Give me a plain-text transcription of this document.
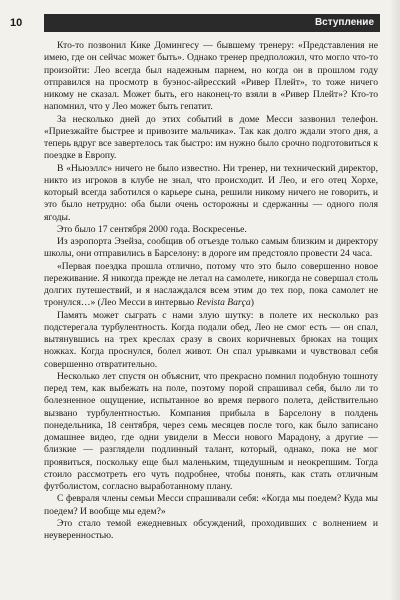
10	Вступление

Кто-то позвонил Кике Домингесу — бывшему тренеру: «Представления не имею, где он сейчас может быть». Однако тренер предположил, что могло что-то произойти: Лео всегда был надежным парнем, но когда он в прошлом году отправился на просмотр в буэнос-айресский «Ривер Плейт», то тоже ничего никому не сказал. Может быть, его наконец-то взяли в «Ривер Плейт»? Кто-то напомнил, что у Лео может быть гепатит.

За несколько дней до этих событий в доме Месси зазвонил телефон. «Приезжайте быстрее и привозите мальчика». Так как долго ждали этого дня, а теперь вдруг все завертелось так быстро: им нужно было срочно подготовиться к поездке в Европу.

В «Ньюэллс» ничего не было известно. Ни тренер, ни технический директор, никто из игроков в клубе не знал, что происходит. И Лео, и его отец Хорхе, который всегда заботился о карьере сына, решили никому ничего не говорить, и это было нетрудно: оба были очень осторожны и сдержанны — одного поля ягоды.

Это было 17 сентября 2000 года. Воскресенье.

Из аэропорта Эзейза, сообщив об отъезде только самым близким и директору школы, они отправились в Барселону: в дороге им предстояло провести 24 часа.

«Первая поездка прошла отлично, потому что это было совершенно новое переживание. Я никогда прежде не летал на самолете, никогда не совершал столь долгих путешествий, и я наслаждался всем этим до тех пор, пока самолет не тронулся…» (Лео Месси в интервью Revista Barça)

Память может сыграть с нами злую шутку: в полете их несколько раз подстерегала турбулентность. Когда подали обед, Лео не смог есть — он спал, вытянувшись на трех креслах сразу в своих коричневых брюках на тощих ножках. Когда проснулся, болел живот. Он спал урывками и чувствовал себя совершенно отвратительно.

Несколько лет спустя он объяснит, что прекрасно помнил подобную тошноту перед тем, как выбежать на поле, поэтому порой спрашивал себя, было ли то болезненное ощущение, испытанное во время первого полета, действительно вызвано турбулентностью. Компания прибыла в Барселону в полдень понедельника, 18 сентября, через семь месяцев после того, как было записано домашнее видео, где одни увидели в Месси нового Марадону, а другие — близкие — разглядели подлинный талант, который, однако, пока не мог проявиться, поскольку еще был маленьким, тщедушным и неокрепшим. Тогда стоило рассмотреть его чуть подробнее, чтобы понять, как стать отличным футболистом, согласно выработанному плану.

С февраля члены семьи Месси спрашивали себя: «Когда мы поедем? Куда мы поедем? И вообще мы едем?»

Это стало темой ежедневных обсуждений, проходивших с волнением и неуверенностью.
